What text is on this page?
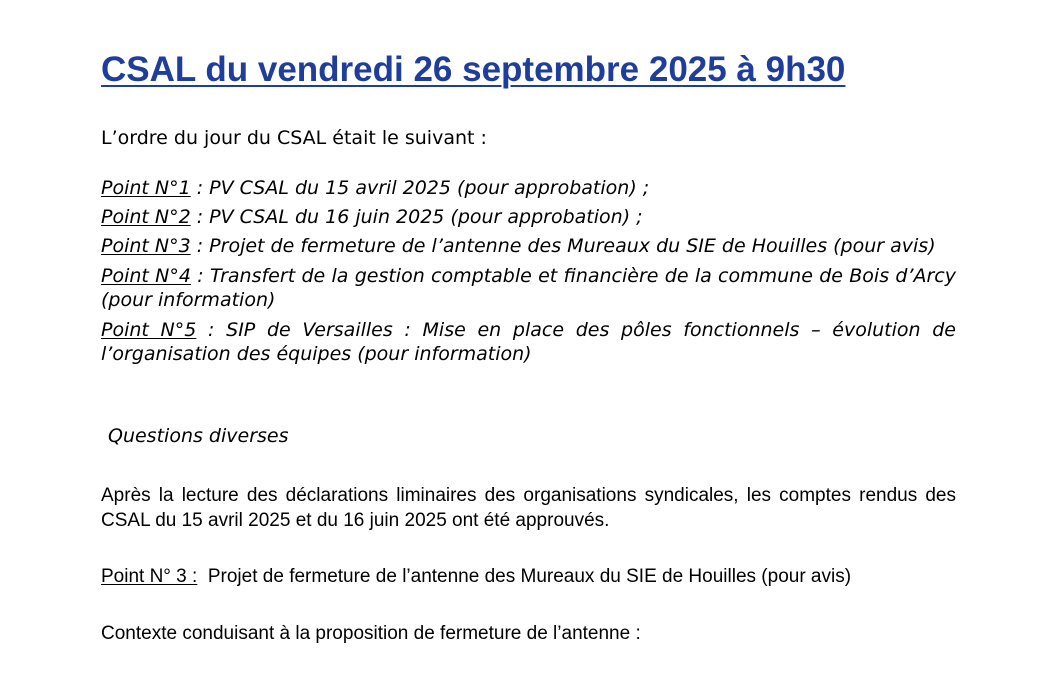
CSAL du vendredi 26 septembre 2025 à 9h30
L’ordre du jour du CSAL était le suivant :
Point N°1 : PV CSAL du 15 avril 2025 (pour approbation) ;
Point N°2 : PV CSAL du 16 juin 2025 (pour approbation) ;
Point N°3 : Projet de fermeture de l’antenne des Mureaux du SIE de Houilles (pour avis)
Point N°4 : Transfert de la gestion comptable et financière de la commune de Bois d’Arcy (pour information)
Point N°5 : SIP de Versailles : Mise en place des pôles fonctionnels – évolution de l’organisation des équipes (pour information)
Questions diverses

Après la lecture des déclarations liminaires des organisations syndicales, les comptes rendus des CSAL du 15 avril 2025 et du 16 juin 2025 ont été approuvés.

Point N° 3 :  Projet de fermeture de l’antenne des Mureaux du SIE de Houilles (pour avis)
Contexte conduisant à la proposition de fermeture de l’antenne :
